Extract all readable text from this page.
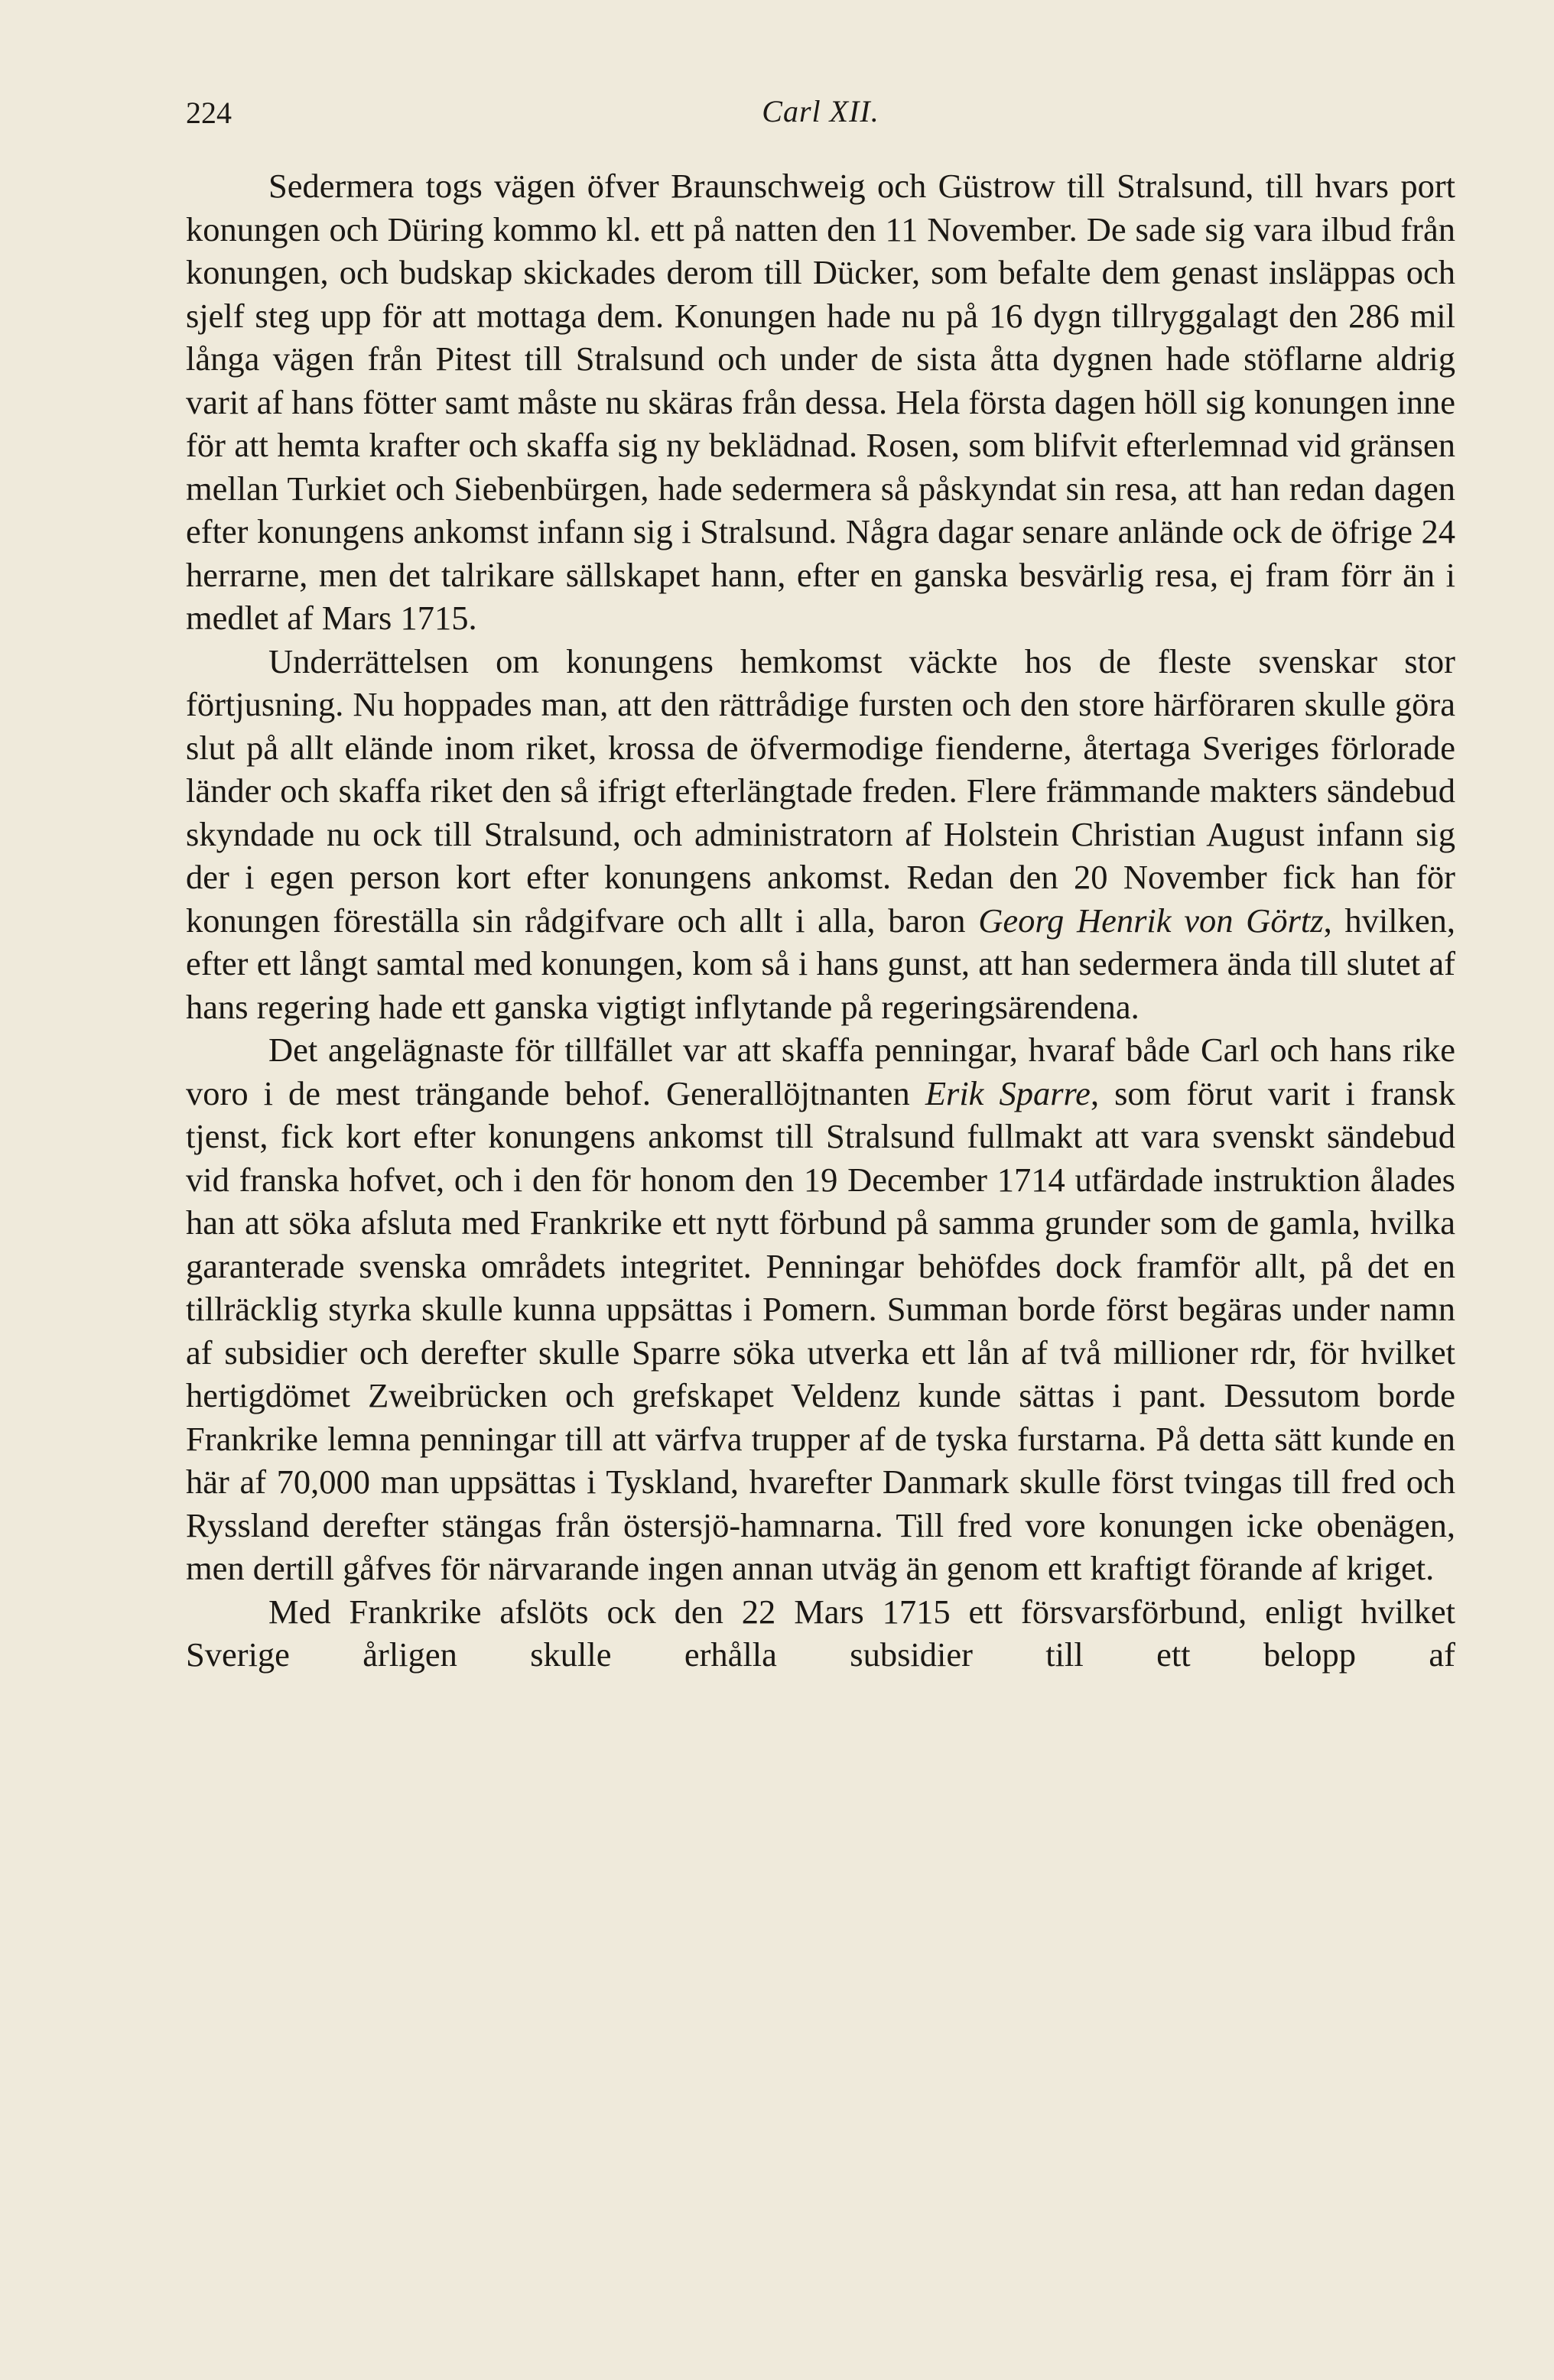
224	Carl XII.

Sedermera togs vägen öfver Braunschweig och Güstrow till Stralsund, till hvars port konungen och Düring kommo kl. ett på natten den 11 November. De sade sig vara ilbud från konungen, och budskap skickades derom till Dücker, som befalte dem genast insläppas och sjelf steg upp för att mottaga dem. Konungen hade nu på 16 dygn tillryggalagt den 286 mil långa vägen från Pitest till Stralsund och under de sista åtta dygnen hade stöflarne aldrig varit af hans fötter samt måste nu skäras från dessa. Hela första dagen höll sig konungen inne för att hemta krafter och skaffa sig ny beklädnad. Rosen, som blifvit efterlemnad vid gränsen mellan Turkiet och Siebenbürgen, hade sedermera så påskyndat sin resa, att han redan dagen efter konungens ankomst infann sig i Stralsund. Några dagar senare anlände ock de öfrige 24 herrarne, men det talrikare sällskapet hann, efter en ganska besvärlig resa, ej fram förr än i medlet af Mars 1715.

Underrättelsen om konungens hemkomst väckte hos de fleste svenskar stor förtjusning. Nu hoppades man, att den rättrådige fursten och den store härföraren skulle göra slut på allt elände inom riket, krossa de öfvermodige fienderne, återtaga Sveriges förlorade länder och skaffa riket den så ifrigt efterlängtade freden. Flere främmande makters sändebud skyndade nu ock till Stralsund, och administratorn af Holstein Christian August infann sig der i egen person kort efter konungens ankomst. Redan den 20 November fick han för konungen föreställa sin rådgifvare och allt i alla, baron Georg Henrik von Görtz, hvilken, efter ett långt samtal med konungen, kom så i hans gunst, att han sedermera ända till slutet af hans regering hade ett ganska vigtigt inflytande på regeringsärendena.

Det angelägnaste för tillfället var att skaffa penningar, hvaraf både Carl och hans rike voro i de mest trängande behof. Generallöjtnanten Erik Sparre, som förut varit i fransk tjenst, fick kort efter konungens ankomst till Stralsund fullmakt att vara svenskt sändebud vid franska hofvet, och i den för honom den 19 December 1714 utfärdade instruktion ålades han att söka afsluta med Frankrike ett nytt förbund på samma grunder som de gamla, hvilka garanterade svenska områdets integritet. Penningar behöfdes dock framför allt, på det en tillräcklig styrka skulle kunna uppsättas i Pomern. Summan borde först begäras under namn af subsidier och derefter skulle Sparre söka utverka ett lån af två millioner rdr, för hvilket hertigdömet Zweibrücken och grefskapet Veldenz kunde sättas i pant. Dessutom borde Frankrike lemna penningar till att värfva trupper af de tyska furstarna. På detta sätt kunde en här af 70,000 man uppsättas i Tyskland, hvarefter Danmark skulle först tvingas till fred och Ryssland derefter stängas från östersjö-hamnarna. Till fred vore konungen icke obenägen, men dertill gåfves för närvarande ingen annan utväg än genom ett kraftigt förande af kriget.

Med Frankrike afslöts ock den 22 Mars 1715 ett försvarsförbund, enligt hvilket Sverige årligen skulle erhålla subsidier till ett belopp af
